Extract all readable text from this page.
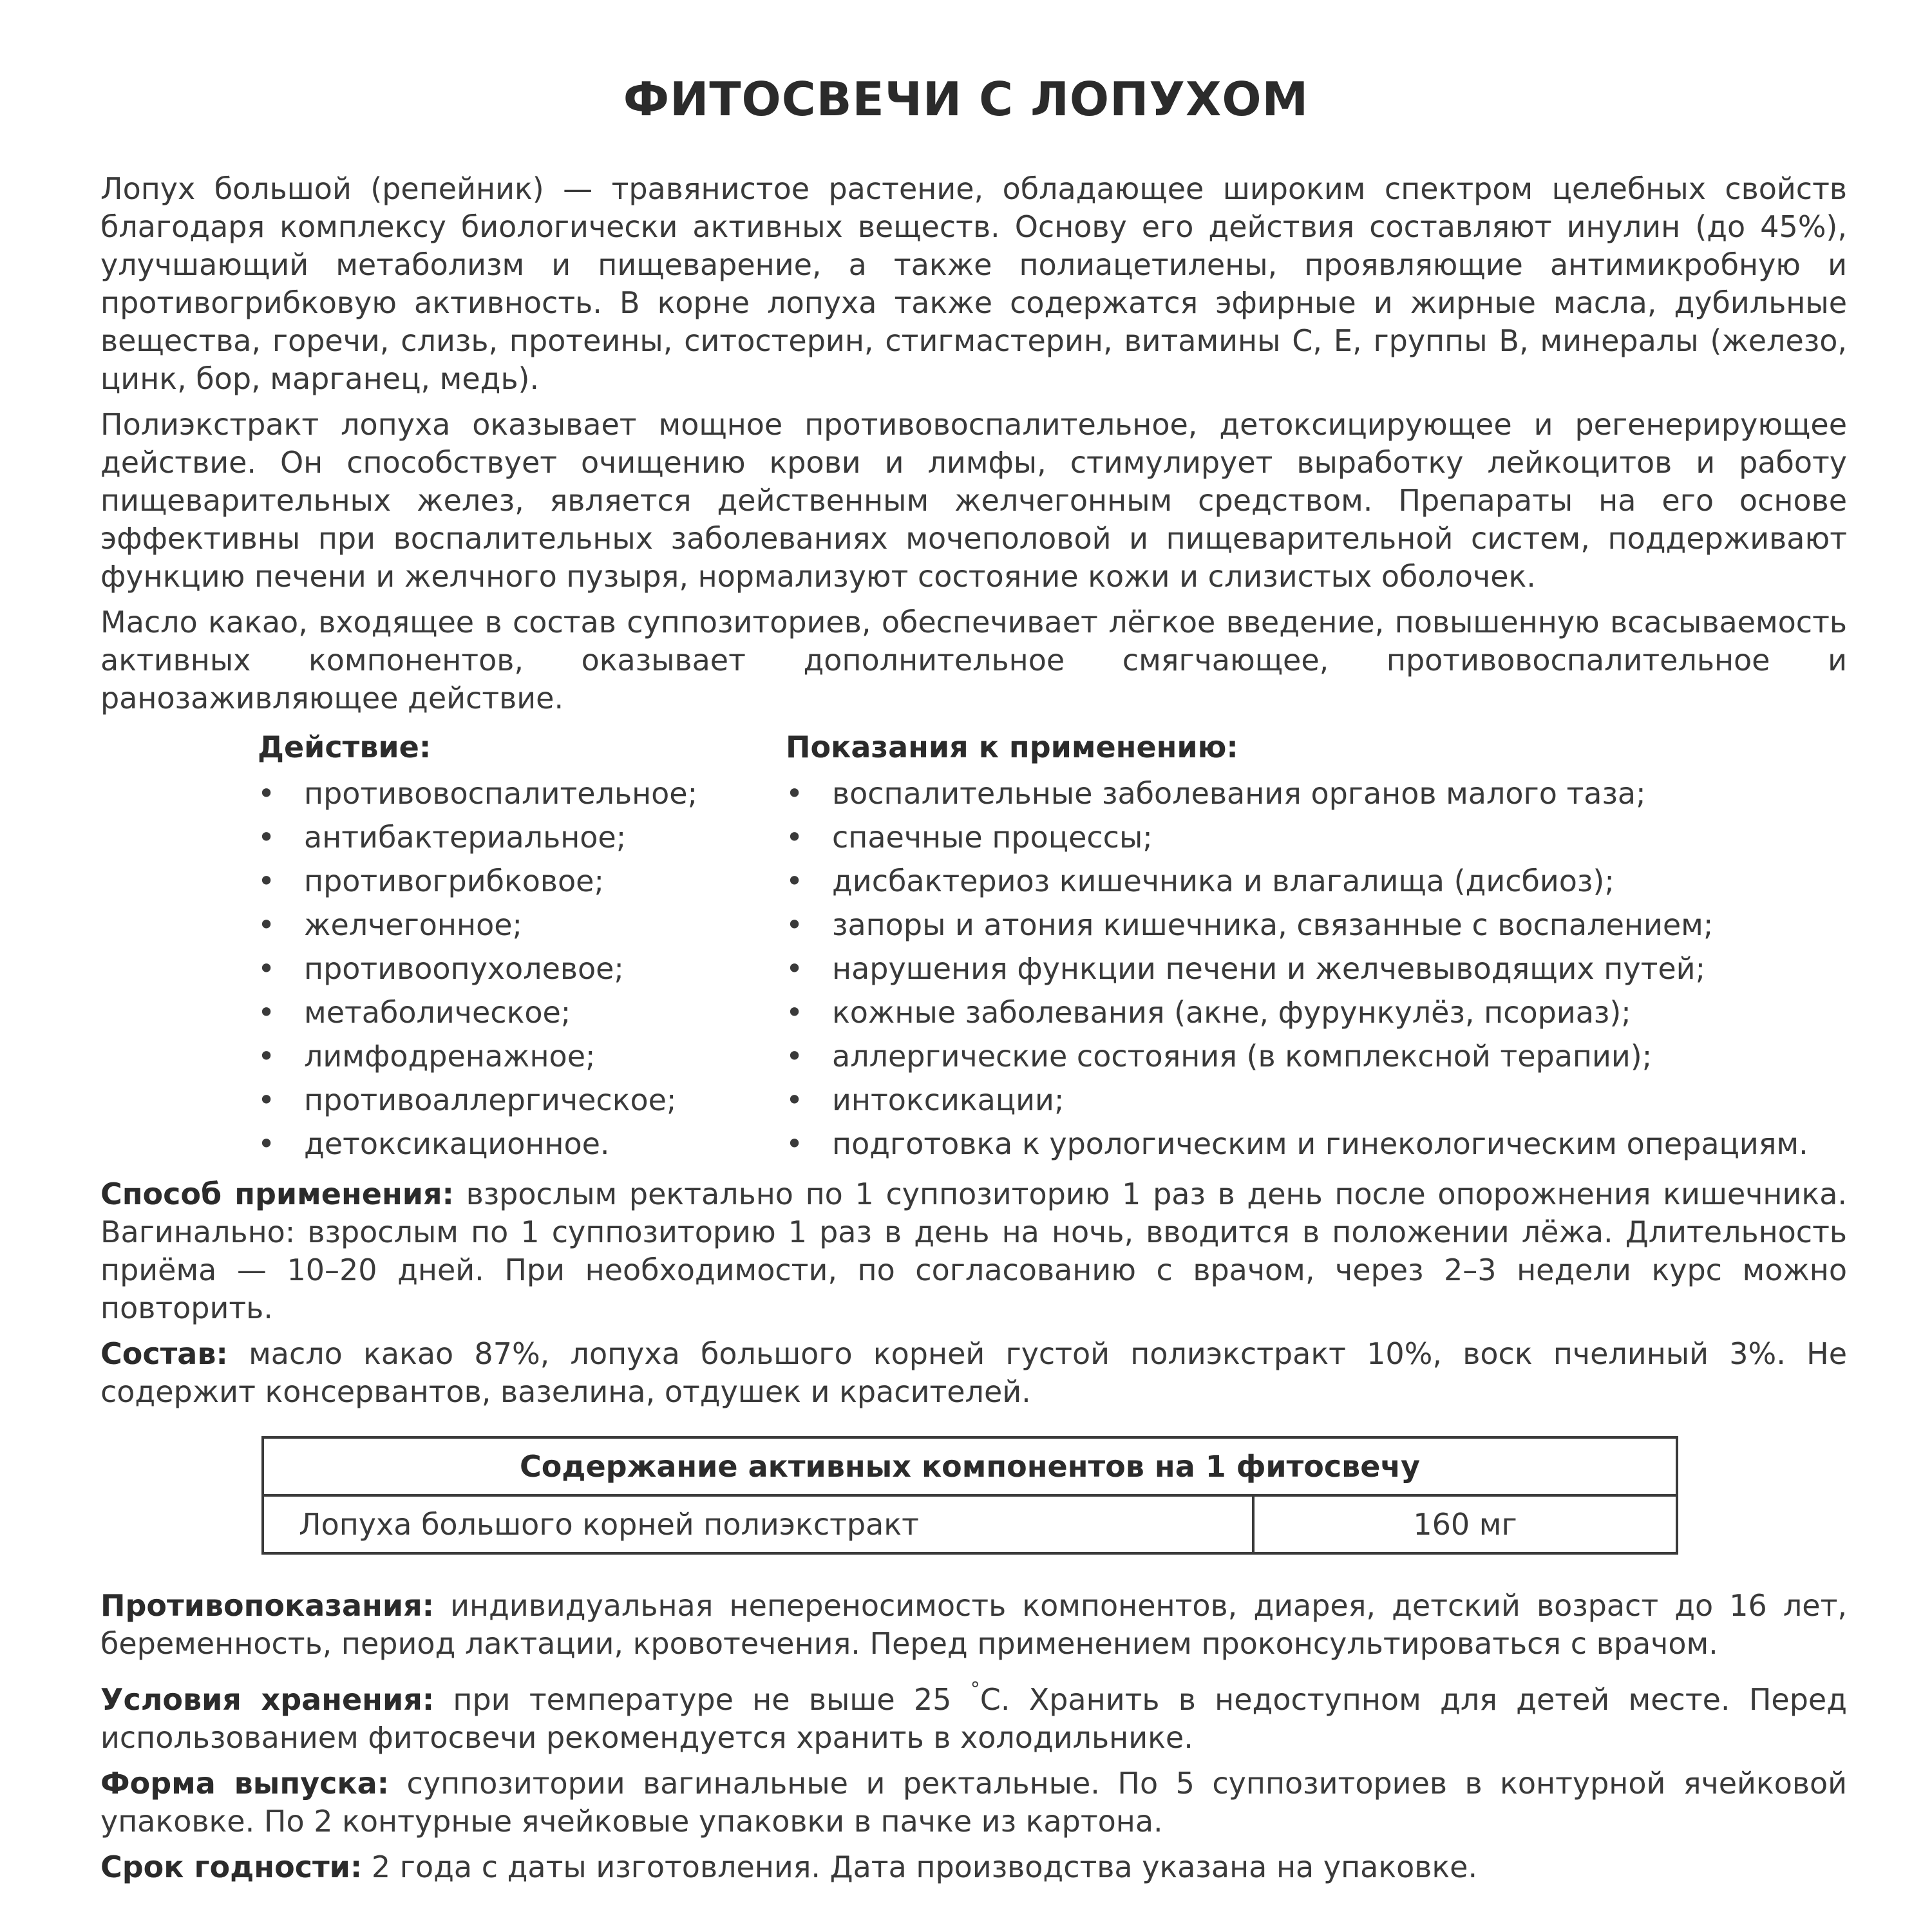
ФИТОСВЕЧИ С ЛОПУХОМ

Лопух большой (репейник) — травянистое растение, обладающее широким спектром целебных свойств благодаря комплексу биологически активных веществ. Основу его действия составляют инулин (до 45%), улучшающий метаболизм и пищеварение, а также полиацетилены, проявляющие антимикробную и противогрибковую активность. В корне лопуха также содержатся эфирные и жирные масла, дубильные вещества, горечи, слизь, протеины, ситостерин, стигмастерин, витамины С, Е, группы В, минералы (железо, цинк, бор, марганец, медь).

Полиэкстракт лопуха оказывает мощное противовоспалительное, детоксицирующее и регенерирующее действие. Он способствует очищению крови и лимфы, стимулирует выработку лейкоцитов и работу пищеварительных желез, является действенным желчегонным средством. Препараты на его основе эффективны при воспалительных заболеваниях мочеполовой и пищеварительной систем, поддерживают функцию печени и желчного пузыря, нормализуют состояние кожи и слизистых оболочек.

Масло какао, входящее в состав суппозиториев, обеспечивает лёгкое введение, повышенную всасываемость активных компонентов, оказывает дополнительное смягчающее, противовоспалительное и ранозаживляющее действие.

Действие:
• противовоспалительное;
• антибактериальное;
• противогрибковое;
• желчегонное;
• противоопухолевое;
• метаболическое;
• лимфодренажное;
• противоаллергическое;
• детоксикационное.
Показания к применению:
• воспалительные заболевания органов малого таза;
• спаечные процессы;
• дисбактериоз кишечника и влагалища (дисбиоз);
• запоры и атония кишечника, связанные с воспалением;
• нарушения функции печени и желчевыводящих путей;
• кожные заболевания (акне, фурункулёз, псориаз);
• аллергические состояния (в комплексной терапии);
• интоксикации;
• подготовка к урологическим и гинекологическим операциям.

Способ применения: взрослым ректально по 1 суппозиторию 1 раз в день после опорожнения кишечника. Вагинально: взрослым по 1 суппозиторию 1 раз в день на ночь, вводится в положении лёжа. Длительность приёма — 10–20 дней. При необходимости, по согласованию с врачом, через 2–3 недели курс можно повторить.

Состав: масло какао 87%, лопуха большого корней густой полиэкстракт 10%, воск пчелиный 3%. Не содержит консервантов, вазелина, отдушек и красителей.

Содержание активных компонентов на 1 фитосвечу
Лопуха большого корней полиэкстракт	160 мг

Противопоказания: индивидуальная непереносимость компонентов, диарея, детский возраст до 16 лет, беременность, период лактации, кровотечения. Перед применением проконсультироваться с врачом.

Условия хранения: при температуре не выше 25 °С. Хранить в недоступном для детей месте. Перед использованием фитосвечи рекомендуется хранить в холодильнике.

Форма выпуска: суппозитории вагинальные и ректальные. По 5 суппозиториев в контурной ячейковой упаковке. По 2 контурные ячейковые упаковки в пачке из картона.

Срок годности: 2 года с даты изготовления. Дата производства указана на упаковке.
